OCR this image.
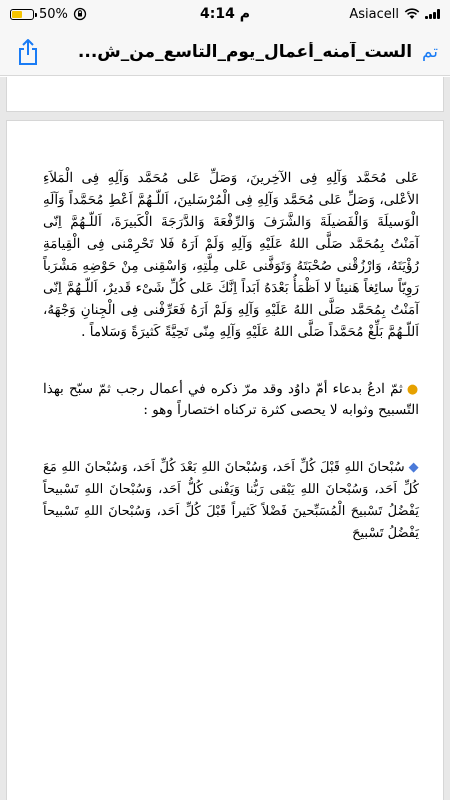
50%	4:14 م	Asiacell
تم الست_آمنه_أعمال_يوم_التاسع_من_ش...

عَلى مُحَمَّد وَآلِهِ فِى الآخِرينَ، وَصَلِّ عَلى مُحَمَّد وَآلِهِ فِى الْمَلاَءِ الأعْلى، وَصَلِّ عَلى مُحَمَّد وَآلِهِ فِى الْمُرْسَلينَ، اَللّـهُمَّ اَعْطِ مُحَمَّداً وَآلَهِ الْوَسيلَةَ وَالْفَضيلَةَ وَالشَّرَفَ وَالرِّفْعَةَ وَالدَّرَجَةَ الْكَبيرَةَ، اَللّـهُمَّ اِنّى آمَنْتُ بِمُحَمَّد صَلَّى اللهُ عَلَيْهِ وَآلِهِ وَلَمْ اَرَهُ فَلا تَحْرِمْنى فِى الْقِيامَةِ رُؤْيَتَهُ، وَارْزُقْنى صُحْبَتَهُ وَتَوَفَّنى عَلى مِلَّتِهِ، وَاسْقِنى مِنْ حَوْضِهِ مَشْرَباً رَوِيّاً سائِغاً هَنيئاً لا اَظْمَأُ بَعْدَهُ اَبَداً اِنَّكَ عَلى كُلِّ شَىْء قَديرٌ، اَللّـهُمَّ اِنّى آمَنْتُ بِمُحَمَّد صَلَّى اللهُ عَلَيْهِ وَآلِهِ وَلَمْ اَرَهُ فَعَرِّفْنى فِى الْجِنانِ وَجْهَهُ، اَللّـهُمَّ بَلِّغْ مُحَمَّداً صَلَّى اللهُ عَلَيْهِ وَآلِهِ مِنّى تَحِيَّةً كَثيرَةً وَسَلاماً .

●ثمّ ادعُ بدعاء أمّ داوُد وقد مرّ ذكره في أعمال رجب ثمّ سبّح بهذا التّسبيح وثوابه لا يحصى كثرة تركناه اختصاراً وهو :

◆سُبْحانَ اللهِ قَبْلَ كُلِّ اَحَد، وَسُبْحانَ اللهِ بَعْدَ كُلِّ اَحَد، وَسُبْحانَ اللهِ مَعَ كُلِّ اَحَد، وَسُبْحانَ اللهِ يَبْقى رَبُّنا وَيَفْنى كُلُّ اَحَد، وَسُبْحانَ اللهِ تَسْبيحاً يَفْضُلُ تَسْبيحَ الْمُسَبِّحينَ فَضْلاً كَثيراً قَبْلَ كُلِّ اَحَد، وَسُبْحانَ اللهِ تَسْبيحاً يَفْضُلُ تَسْبيحَ
